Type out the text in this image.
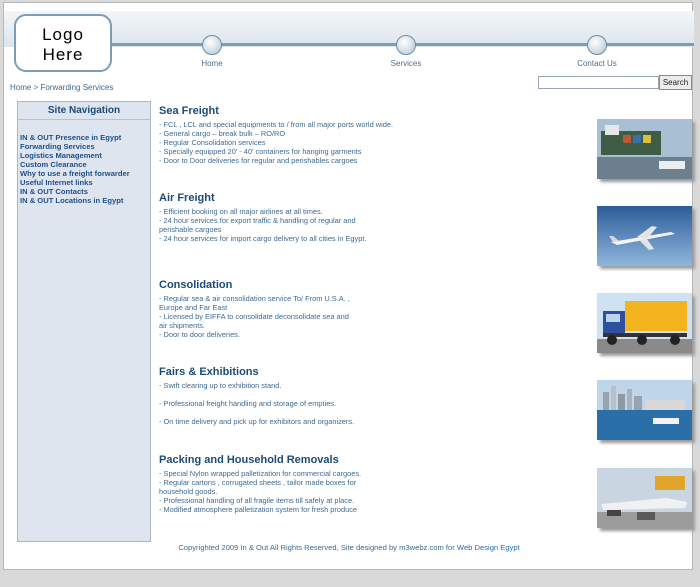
Logo
Here	Home	Services	Contact Us
Home > Forwarding Services
Search
Site Navigation
IN & OUT Presence in Egypt
Forwarding Services
Logistics Management
Custom Clearance
Why to use a freight forwarder
Useful Internet links
IN & OUT Contacts
IN & OUT Locations in Egypt
Sea Freight
- FCL , LCL and special equipments to / from all major ports world wide.
- General cargo – break bulk – RO/RO
- Regular Consolidation services
- Specially equipped 20' - 40' containers for hanging garments
- Door to Door deliveries for regular and perishables cargoes
Air Freight
- Efficient booking on all major airlines at all times.
- 24 hour services for export traffic & handling of regular and
perishable cargoes
- 24 hour services for import cargo delivery to all cities in Egypt.
Consolidation
- Regular sea & air consolidation service To/ From U.S.A. ,
Europe and Far East
- Licensed by EIFFA to consolidate deconsolidate sea and
air shipments.
- Door to door deliveries.
Fairs & Exhibitions
- Swift clearing up to exhibition stand.

- Professional freight handling and storage of empties.

- On time delivery and pick up for exhibitors and organizers.
Packing and Household Removals
- Special Nylon wrapped palletization for commercial cargoes.
- Regular cartons , corrugated sheets , tailor made boxes for
household goods.
- Professional handling of all fragile items till safely at place.
- Modified atmosphere palletization system for fresh produce
Copyrighted 2009 In & Out All Rights Reserved, Site designed by m3webz.com for Web Design Egypt
